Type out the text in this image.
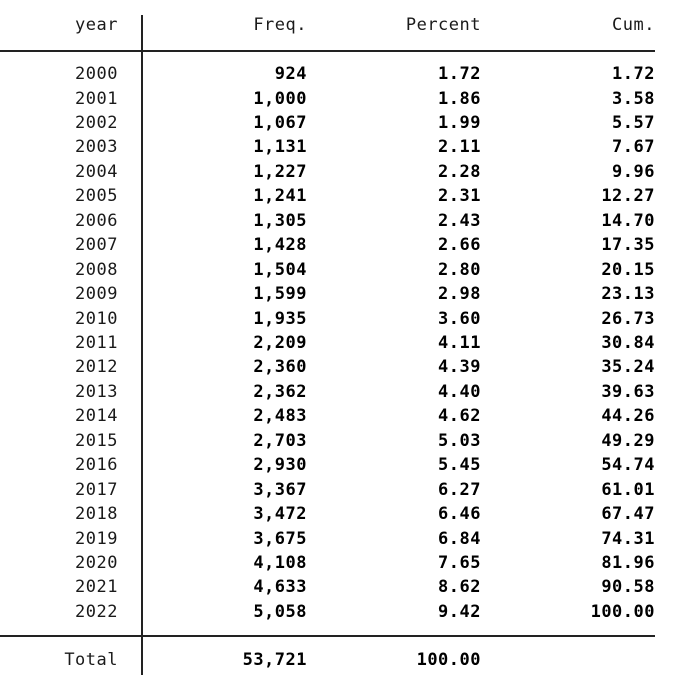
year	Freq.	Percent	Cum.
2000	924	1.72	1.72
2001	1,000	1.86	3.58
2002	1,067	1.99	5.57
2003	1,131	2.11	7.67
2004	1,227	2.28	9.96
2005	1,241	2.31	12.27
2006	1,305	2.43	14.70
2007	1,428	2.66	17.35
2008	1,504	2.80	20.15
2009	1,599	2.98	23.13
2010	1,935	3.60	26.73
2011	2,209	4.11	30.84
2012	2,360	4.39	35.24
2013	2,362	4.40	39.63
2014	2,483	4.62	44.26
2015	2,703	5.03	49.29
2016	2,930	5.45	54.74
2017	3,367	6.27	61.01
2018	3,472	6.46	67.47
2019	3,675	6.84	74.31
2020	4,108	7.65	81.96
2021	4,633	8.62	90.58
2022	5,058	9.42	100.00
Total	53,721	100.00
